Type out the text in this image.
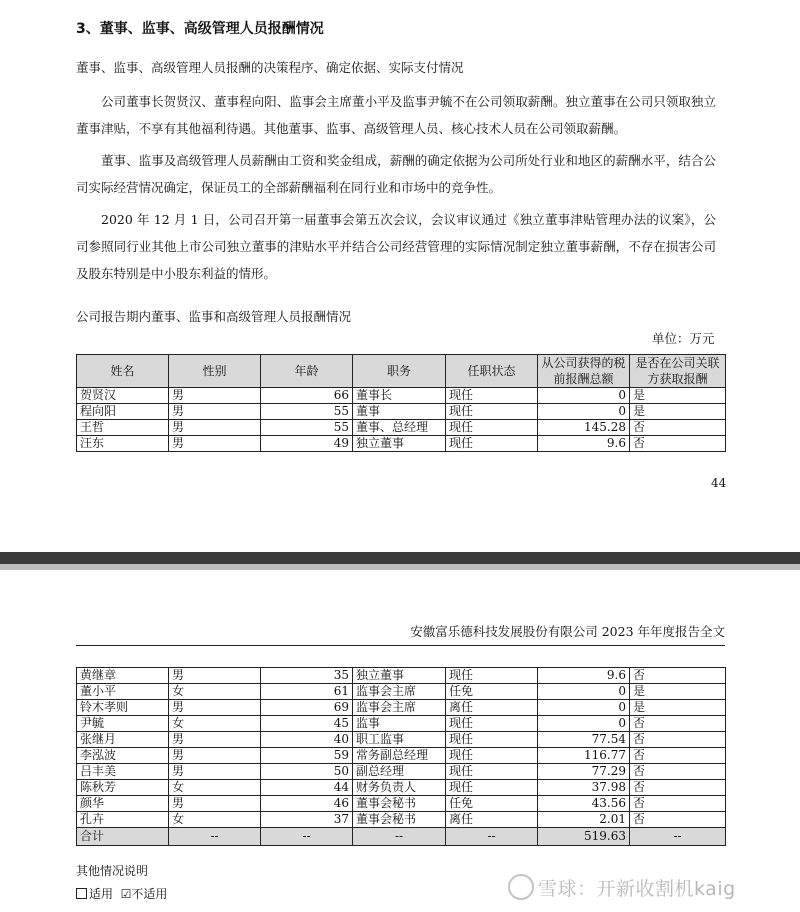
3、董事、监事、高级管理人员报酬情况
董事、监事、高级管理人员报酬的决策程序、确定依据、实际支付情况
公司董事长贺贤汉、董事程向阳、监事会主席董小平及监事尹毓不在公司领取薪酬。独立董事在公司只领取独立董事津贴，不享有其他福利待遇。其他董事、监事、高级管理人员、核心技术人员在公司领取薪酬。
董事、监事及高级管理人员薪酬由工资和奖金组成，薪酬的确定依据为公司所处行业和地区的薪酬水平，结合公司实际经营情况确定，保证员工的全部薪酬福利在同行业和市场中的竞争性。
2020 年 12 月 1 日，公司召开第一届董事会第五次会议，会议审议通过《独立董事津贴管理办法的议案》，公司参照同行业其他上市公司独立董事的津贴水平并结合公司经营管理的实际情况制定独立董事薪酬，不存在损害公司及股东特别是中小股东利益的情形。
公司报告期内董事、监事和高级管理人员报酬情况
单位：万元
姓名	性别	年龄	职务	任职状态	从公司获得的税前报酬总额	是否在公司关联方获取报酬
贺贤汉	男	66	董事长	现任	0	是
程向阳	男	55	董事	现任	0	是
王哲	男	55	董事、总经理	现任	145.28	否
汪东	男	49	独立董事	现任	9.6	否
44
安徽富乐德科技发展股份有限公司 2023 年年度报告全文
黄继章	男	35	独立董事	现任	9.6	否
董小平	女	61	监事会主席	任免	0	是
铃木孝则	男	69	监事会主席	离任	0	是
尹毓	女	45	监事	现任	0	否
张继月	男	40	职工监事	现任	77.54	否
李泓波	男	59	常务副总经理	现任	116.77	否
吕丰美	男	50	副总经理	现任	77.29	否
陈秋芳	女	44	财务负责人	现任	37.98	否
颜华	男	46	董事会秘书	任免	43.56	否
孔卉	女	37	董事会秘书	离任	2.01	否
合计	--	--	--	--	519.63	--
其他情况说明
适用 ☑不适用	雪球：开新收割机kaig
